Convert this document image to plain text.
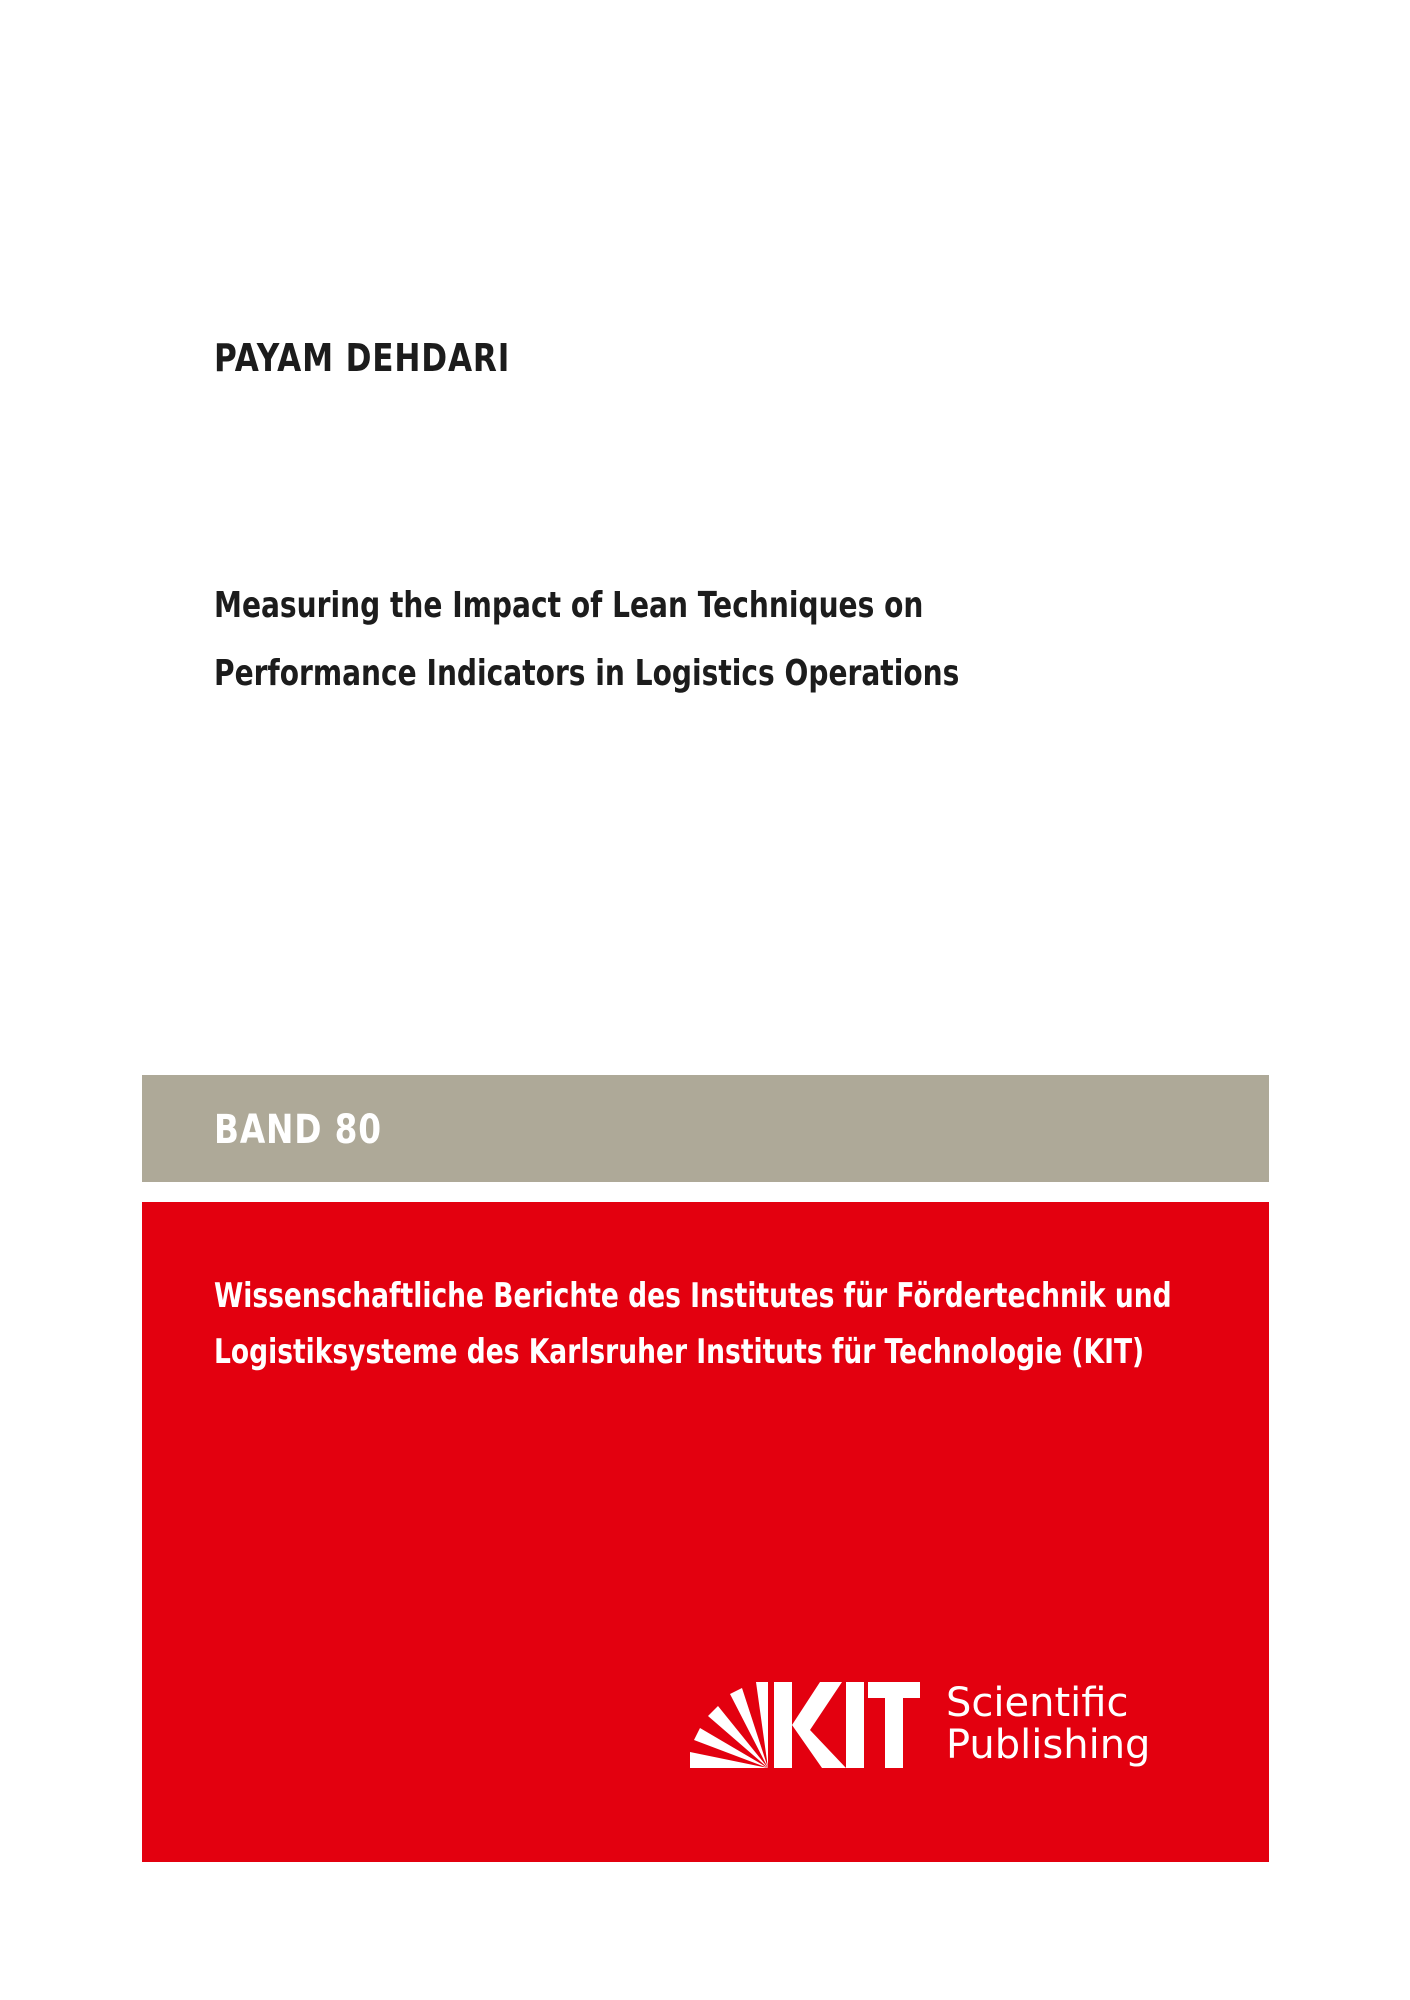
PAYAM DEHDARI
Measuring the Impact of Lean Techniques on
Performance Indicators in Logistics Operations
BAND 80
Wissenschaftliche Berichte des Institutes für Fördertechnik und
Logistiksysteme des Karlsruher Instituts für Technologie (KIT)
KIT
Scientific
Publishing
